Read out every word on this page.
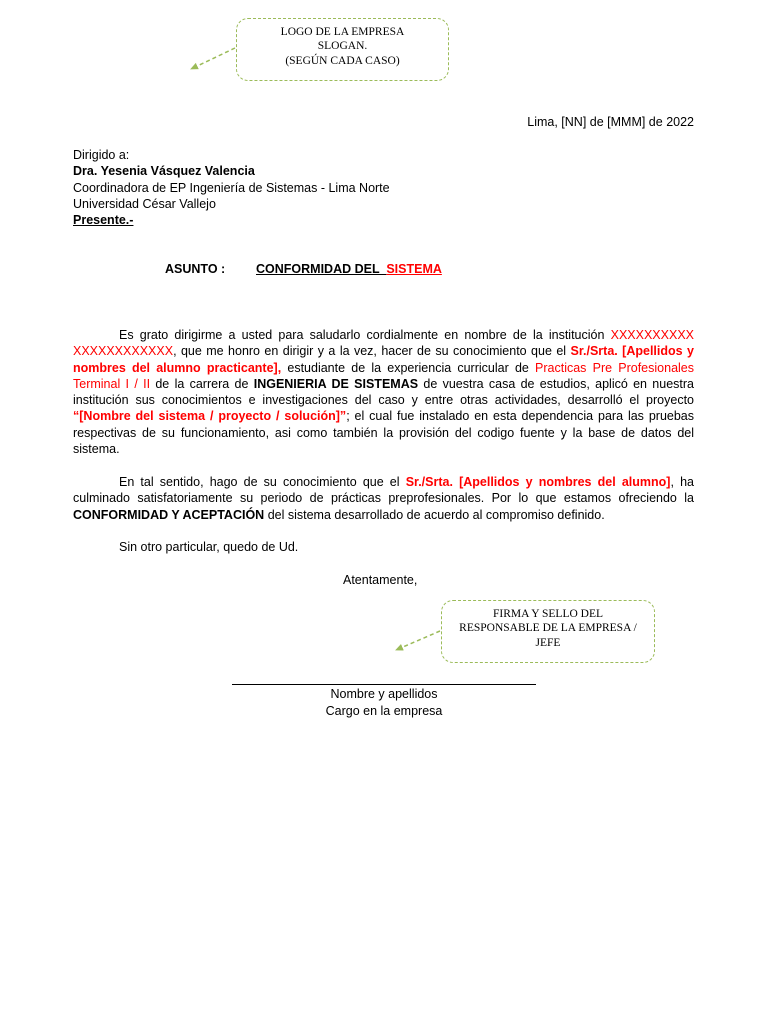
LOGO DE LA EMPRESA
SLOGAN.
(SEGÚN CADA CASO)
Lima, [NN] de [MMM] de 2022
Dirigido a:
Dra. Yesenia Vásquez Valencia
Coordinadora de EP Ingeniería de Sistemas - Lima Norte
Universidad César Vallejo
Presente.-
ASUNTO : CONFORMIDAD DEL  SISTEMA
Es grato dirigirme a usted para saludarlo cordialmente en nombre de la institución XXXXXXXXXX
XXXXXXXXXXXX, que me honro en dirigir y a la vez, hacer de su conocimiento que el Sr./Srta. [Apellidos y
nombres del alumno practicante], estudiante de la experiencia curricular de Practicas Pre Profesionales
Terminal I / II de la carrera de INGENIERIA DE SISTEMAS de vuestra casa de estudios, aplicó en nuestra
institución sus conocimientos e investigaciones del caso y entre otras actividades, desarrolló el proyecto
“[Nombre del sistema / proyecto / solución]”; el cual fue instalado en esta dependencia para las pruebas
respectivas de su funcionamiento, asi como también la provisión del codigo fuente y la base de datos del
sistema.
En tal sentido, hago de su conocimiento que el Sr./Srta. [Apellidos y nombres del alumno], ha
culminado satisfatoriamente su periodo de prácticas preprofesionales. Por lo que estamos ofreciendo la
CONFORMIDAD Y ACEPTACIÓN del sistema desarrollado de acuerdo al compromiso definido.
Sin otro particular, quedo de Ud.
Atentamente,
FIRMA Y SELLO DEL
RESPONSABLE DE LA EMPRESA /
JEFE
Nombre y apellidos
Cargo en la empresa
